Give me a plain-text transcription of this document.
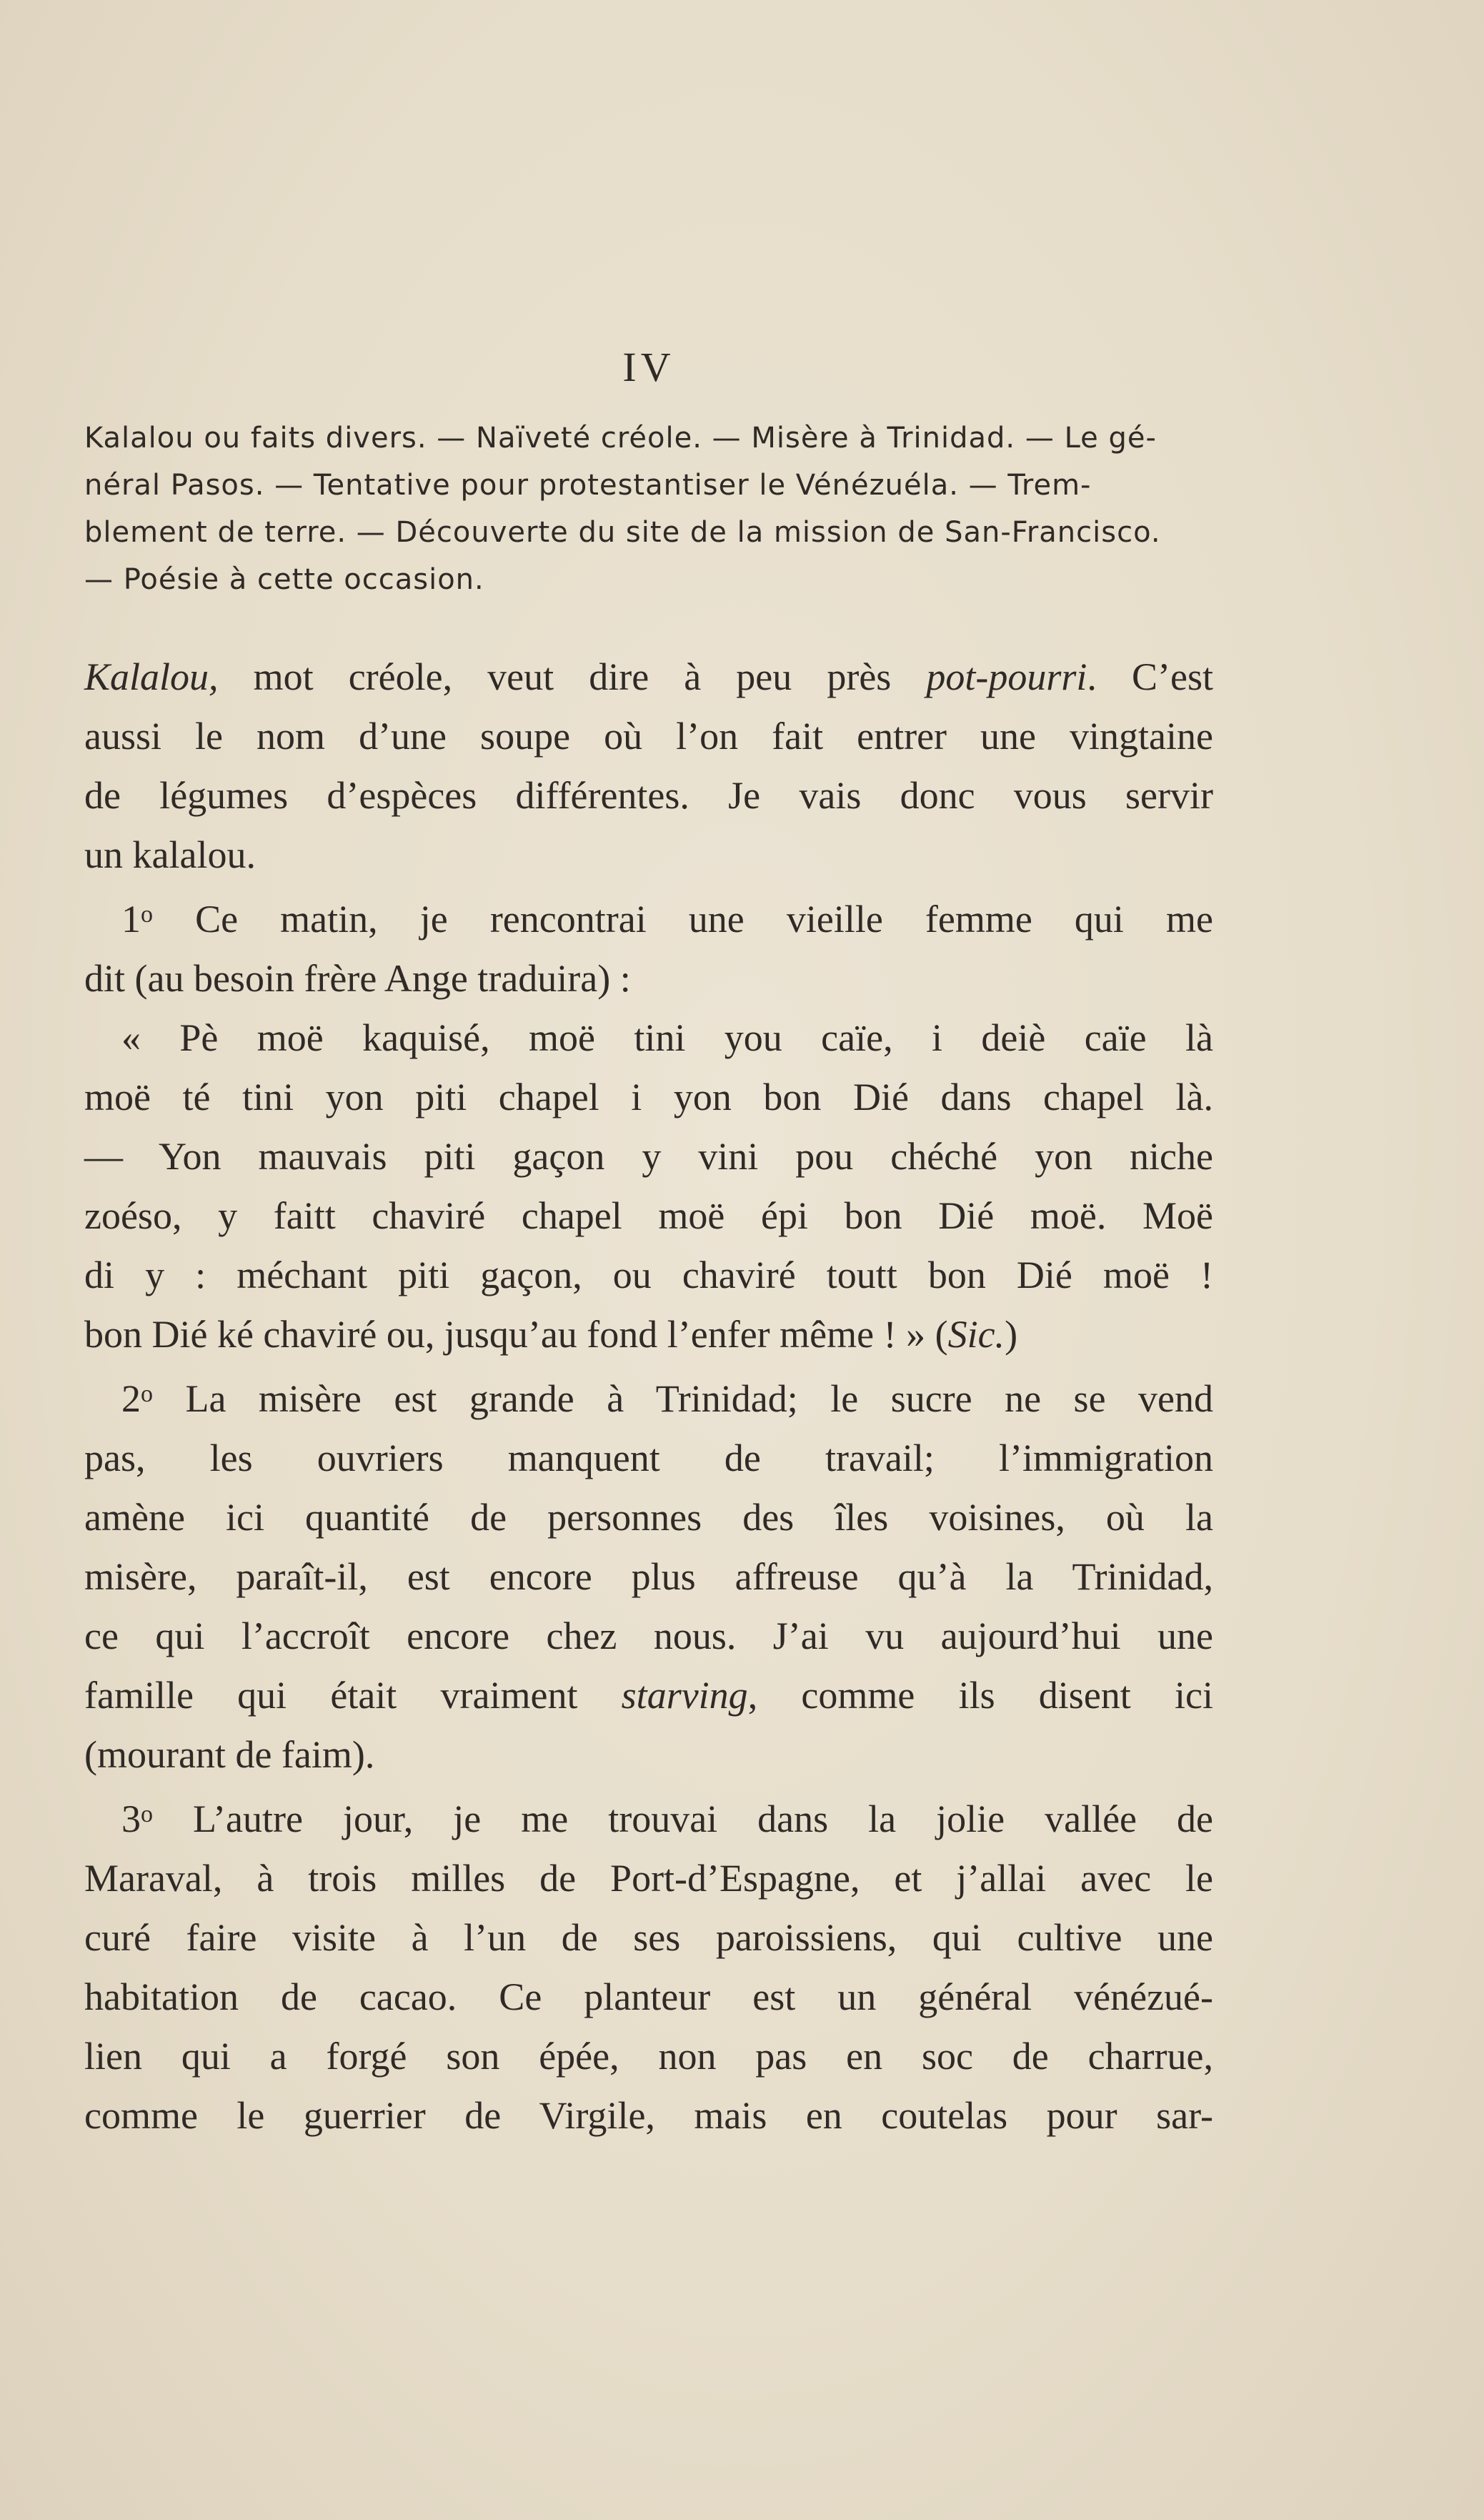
IV
Kalalou ou faits divers. — Naïveté créole. — Misère à Trinidad. — Le gé-
néral Pasos. — Tentative pour protestantiser le Vénézuéla. — Trem-
blement de terre. — Découverte du site de la mission de San-Francisco.
— Poésie à cette occasion.
Kalalou, mot créole, veut dire à peu près pot-pourri. C’est
aussi le nom d’une soupe où l’on fait entrer une vingtaine
de légumes d’espèces différentes. Je vais donc vous servir
un kalalou.
1$^o$ Ce matin, je rencontrai une vieille femme qui me
dit (au besoin frère Ange traduira) :
« Pè moë kaquisé, moë tini you caïe, i deiè caïe là
moë té tini yon piti chapel i yon bon Dié dans chapel là.
— Yon mauvais piti gaçon y vini pou chéché yon niche
zoéso, y faitt chaviré chapel moë épi bon Dié moë. Moë
di y : méchant piti gaçon, ou chaviré toutt bon Dié moë !
bon Dié ké chaviré ou, jusqu’au fond l’enfer même ! » (Sic.)
2$^o$ La misère est grande à Trinidad; le sucre ne se vend
pas, les ouvriers manquent de travail; l’immigration
amène ici quantité de personnes des îles voisines, où la
misère, paraît-il, est encore plus affreuse qu’à la Trinidad,
ce qui l’accroît encore chez nous. J’ai vu aujourd’hui une
famille qui était vraiment starving, comme ils disent ici
(mourant de faim).
3$^o$ L’autre jour, je me trouvai dans la jolie vallée de
Maraval, à trois milles de Port-d’Espagne, et j’allai avec le
curé faire visite à l’un de ses paroissiens, qui cultive une
habitation de cacao. Ce planteur est un général vénézué-
lien qui a forgé son épée, non pas en soc de charrue,
comme le guerrier de Virgile, mais en coutelas pour sar-
